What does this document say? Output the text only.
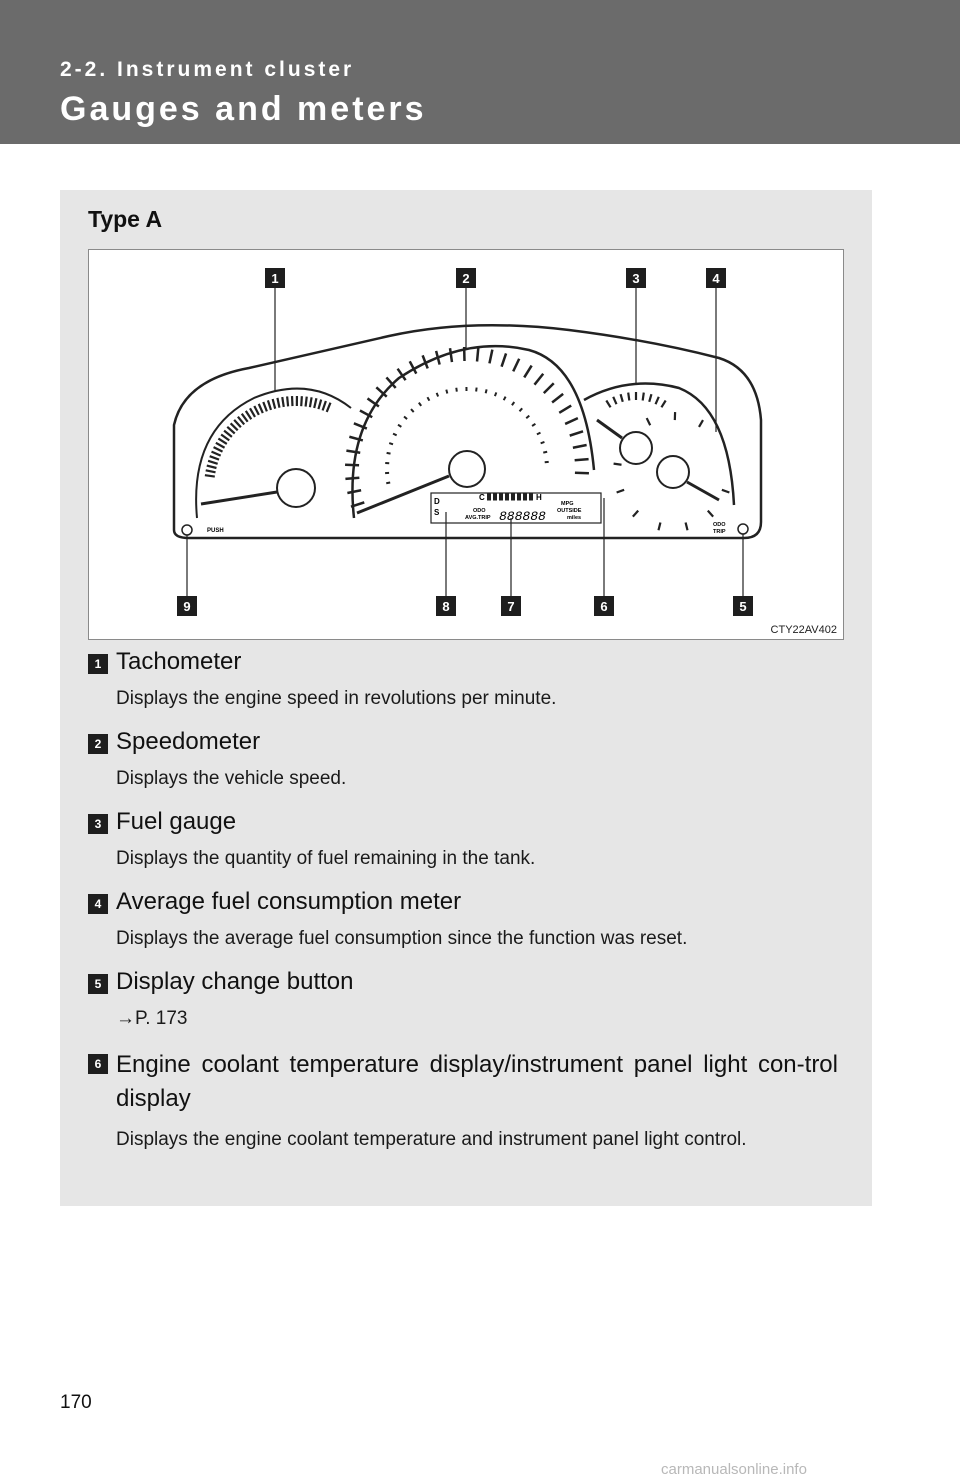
2-2. Instrument cluster
Gauges and meters
Type A
D
S
C	H
ODO
AVG.TRIP 888888
MPG
OUTSIDE
miles
PUSH
ODO
TRIP
1	2	3	4
5
6
7
8
9
CTY22AV402
1 Tachometer
Displays the engine speed in revolutions per minute.
2 Speedometer
Displays the vehicle speed.
3 Fuel gauge
Displays the quantity of fuel remaining in the tank.
4 Average fuel consumption meter
Displays the average fuel consumption since the function was reset.
5 Display change button
→P. 173
6 Engine coolant temperature display/instrument panel light con-trol display
Displays the engine coolant temperature and instrument panel light control.
170
carmanualsonline.info
